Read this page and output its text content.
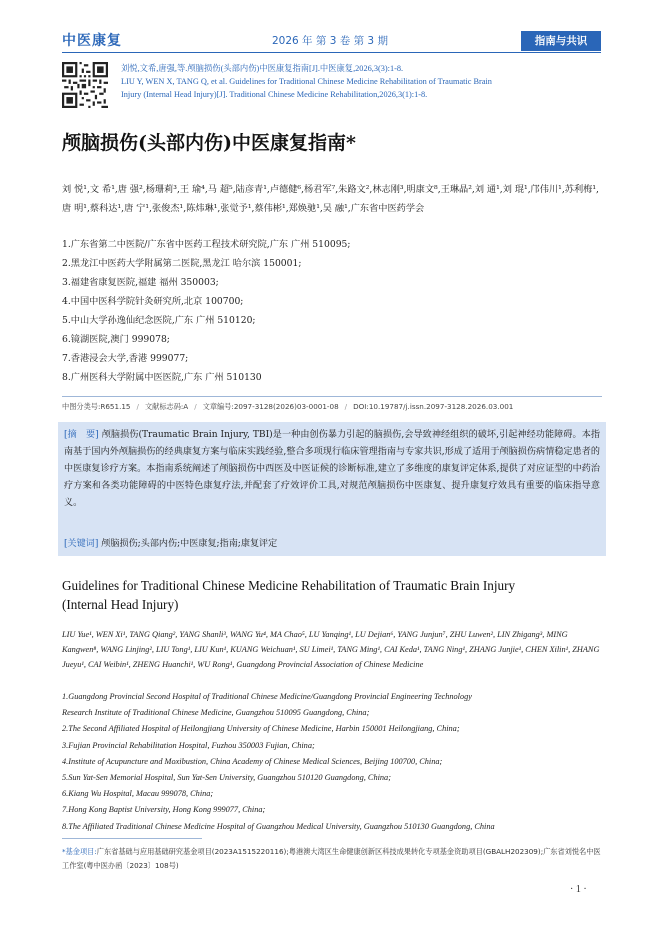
中医康复	2026 年 第 3 卷 第 3 期	指南与共识
刘悦,文希,唐强,等.颅脑损伤(头部内伤)中医康复指南[J].中医康复,2026,3(3):1-8.
LIU Y, WEN X, TANG Q, et al. Guidelines for Traditional Chinese Medicine Rehabilitation of Traumatic Brain
Injury (Internal Head Injury)[J]. Traditional Chinese Medicine Rehabilitation,2026,3(1):1-8.
颅脑损伤(头部内伤)中医康复指南*
刘 悦¹,文 希¹,唐 强²,杨珊莉³,王 瑜⁴,马 超⁵,陆彦青¹,卢德健⁶,杨君军⁷,朱路文²,林志刚³,明康文⁸,王琳晶²,刘 通¹,刘 琨¹,邝伟川¹,苏利梅¹,唐 明¹,蔡科达¹,唐 宁¹,张俊杰¹,陈炜琳¹,张觉予¹,蔡伟彬¹,郑焕驰¹,吴 融¹,广东省中医药学会
1.广东省第二中医院/广东省中医药工程技术研究院,广东 广州 510095;
2.黑龙江中医药大学附属第二医院,黑龙江 哈尔滨 150001;
3.福建省康复医院,福建 福州 350003;
4.中国中医科学院针灸研究所,北京 100700;
5.中山大学孙逸仙纪念医院,广东 广州 510120;
6.镜湖医院,澳门 999078;
7.香港浸会大学,香港 999077;
8.广州医科大学附属中医医院,广东 广州 510130
中图分类号:R651.15 / 文献标志码:A / 文章编号:2097-3128(2026)03-0001-08 / DOI:10.19787/j.issn.2097-3128.2026.03.001
[摘　要] 颅脑损伤(Traumatic Brain Injury, TBI)是一种由创伤暴力引起的脑损伤,会导致神经组织的破坏,引起神经功能障碍。本指南基于国内外颅脑损伤的经典康复方案与临床实践经验,整合多项现行临床管理指南与专家共识,形成了适用于颅脑损伤病情稳定患者的中医康复诊疗方案。本指南系统阐述了颅脑损伤中西医及中医证候的诊断标准,建立了多维度的康复评定体系,提供了对应证型的中药治疗方案和各类功能障碍的中医特色康复疗法,并配套了疗效评价工具,对规范颅脑损伤中医康复、提升康复疗效具有重要的临床指导意义。
[关键词] 颅脑损伤;头部内伤;中医康复;指南;康复评定
Guidelines for Traditional Chinese Medicine Rehabilitation of Traumatic Brain Injury
(Internal Head Injury)
LIU Yue¹, WEN Xi¹, TANG Qiang², YANG Shanli³, WANG Yu⁴, MA Chao⁵, LU Yanqing¹, LU Dejian⁶, YANG Junjun⁷, ZHU Luwen², LIN Zhigang³, MING Kangwen⁸, WANG Linjing², LIU Tong¹, LIU Kun¹, KUANG Weichuan¹, SU Limei¹, TANG Ming¹, CAI Keda¹, TANG Ning¹, ZHANG Junjie¹, CHEN Xilin¹, ZHANG Jueyu¹, CAI Weibin¹, ZHENG Huanchi¹, WU Rong¹, Guangdong Provincial Association of Chinese Medicine
1.Guangdong Provincial Second Hospital of Traditional Chinese Medicine/Guangdong Provincial Engineering Technology
Research Institute of Traditional Chinese Medicine, Guangzhou 510095 Guangdong, China;
2.The Second Affiliated Hospital of Heilongjiang University of Chinese Medicine, Harbin 150001 Heilongjiang, China;
3.Fujian Provincial Rehabilitation Hospital, Fuzhou 350003 Fujian, China;
4.Institute of Acupuncture and Moxibustion, China Academy of Chinese Medical Sciences, Beijing 100700, China;
5.Sun Yat-Sen Memorial Hospital, Sun Yat-Sen University, Guangzhou 510120 Guangdong, China;
6.Kiang Wu Hospital, Macau 999078, China;
7.Hong Kong Baptist University, Hong Kong 999077, China;
8.The Affiliated Traditional Chinese Medicine Hospital of Guangzhou Medical University, Guangzhou 510130 Guangdong, China
*基金项目:广东省基础与应用基础研究基金项目(2023A1515220116);粤港澳大湾区生命健康创新区科技成果转化专项基金资助项目(GBALH202309);广东省刘悦名中医工作室(粤中医办函〔2023〕108号)
· 1 ·
